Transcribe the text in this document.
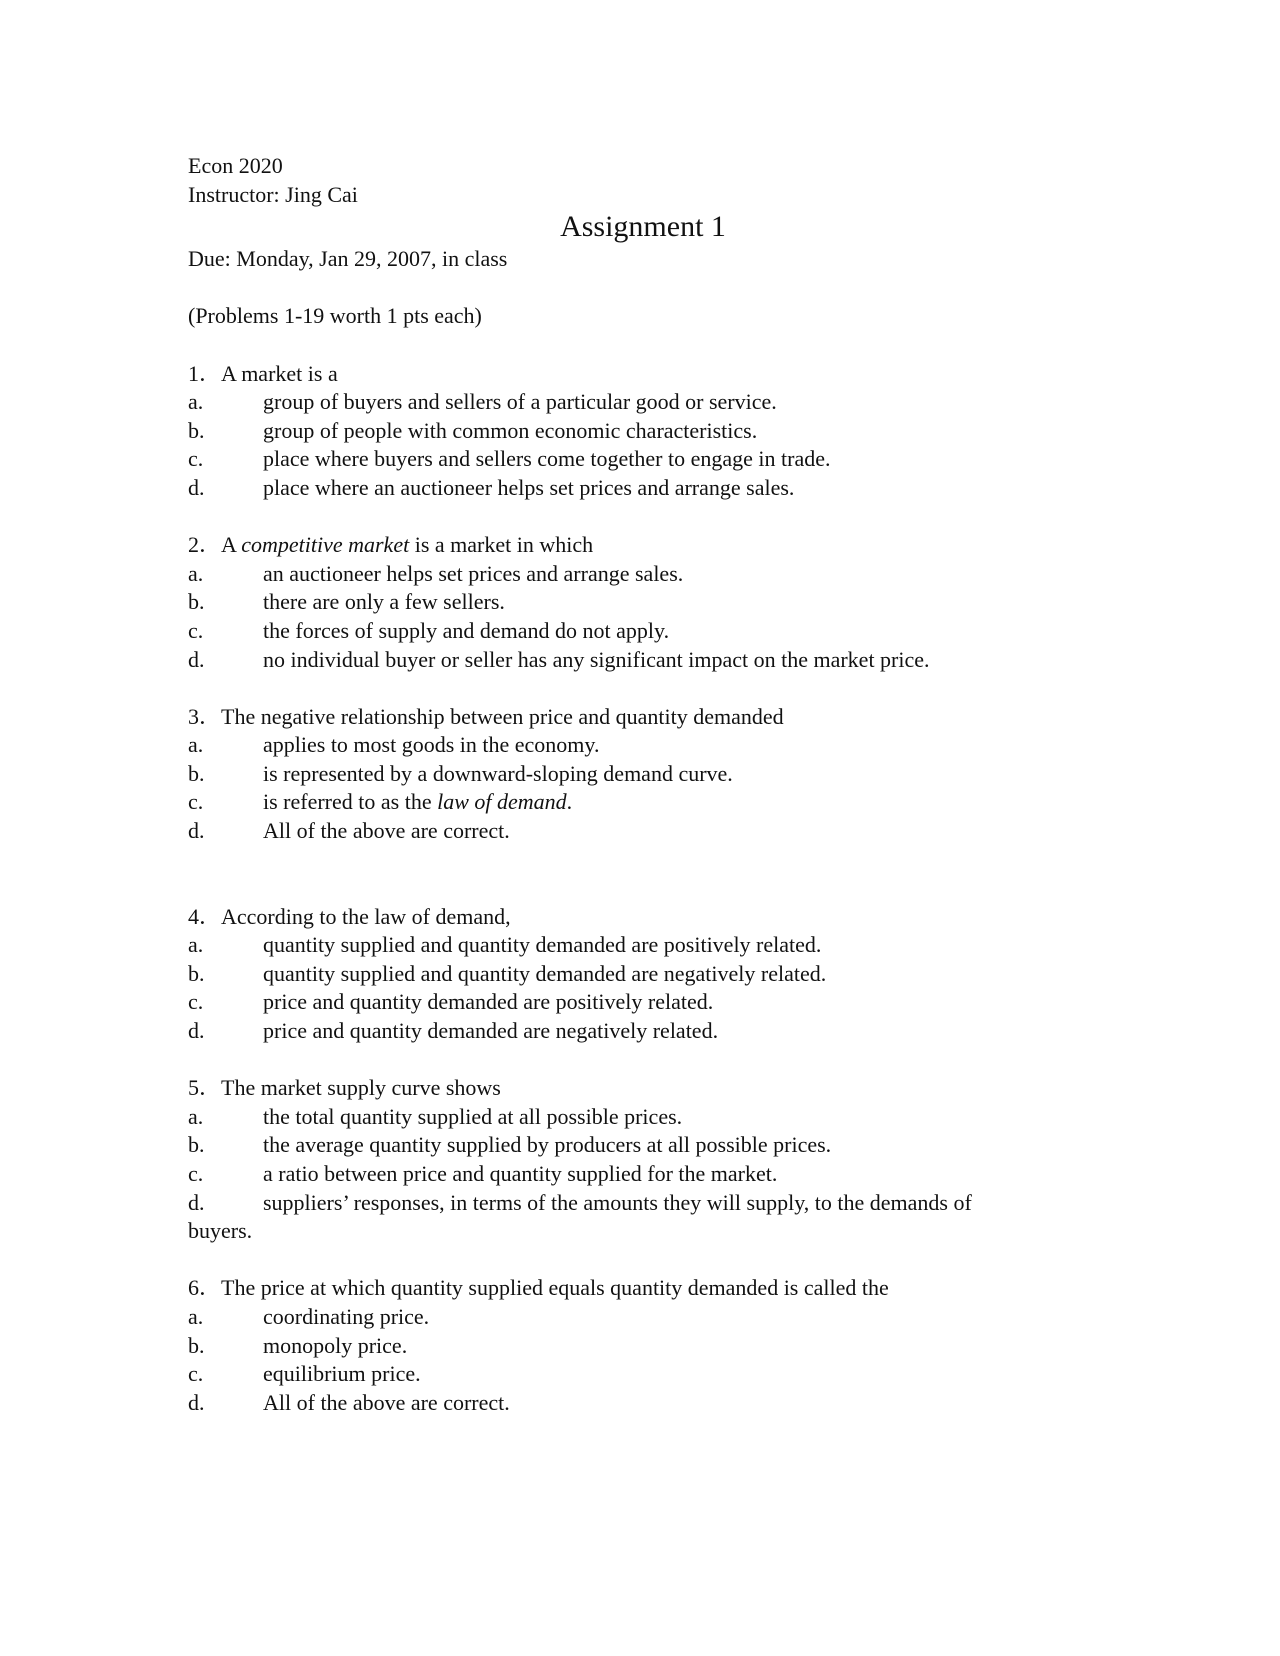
Econ 2020
Instructor: Jing Cai
Assignment 1
Due: Monday, Jan 29, 2007, in class
(Problems 1-19 worth 1 pts each)
1．A market is a
a.	group of buyers and sellers of a particular good or service.
b.	group of people with common economic characteristics.
c.	place where buyers and sellers come together to engage in trade.
d.	place where an auctioneer helps set prices and arrange sales.
2．A competitive market is a market in which
a.	an auctioneer helps set prices and arrange sales.
b.	there are only a few sellers.
c.	the forces of supply and demand do not apply.
d.	no individual buyer or seller has any significant impact on the market price.
3．The negative relationship between price and quantity demanded
a.	applies to most goods in the economy.
b.	is represented by a downward-sloping demand curve.
c.	is referred to as the law of demand.
d.	All of the above are correct.
4．According to the law of demand,
a.	quantity supplied and quantity demanded are positively related.
b.	quantity supplied and quantity demanded are negatively related.
c.	price and quantity demanded are positively related.
d.	price and quantity demanded are negatively related.
5．The market supply curve shows
a.	the total quantity supplied at all possible prices.
b.	the average quantity supplied by producers at all possible prices.
c.	a ratio between price and quantity supplied for the market.
d.	suppliers’ responses, in terms of the amounts they will supply, to the demands of
buyers.
6．The price at which quantity supplied equals quantity demanded is called the
a.	coordinating price.
b.	monopoly price.
c.	equilibrium price.
d.	All of the above are correct.
